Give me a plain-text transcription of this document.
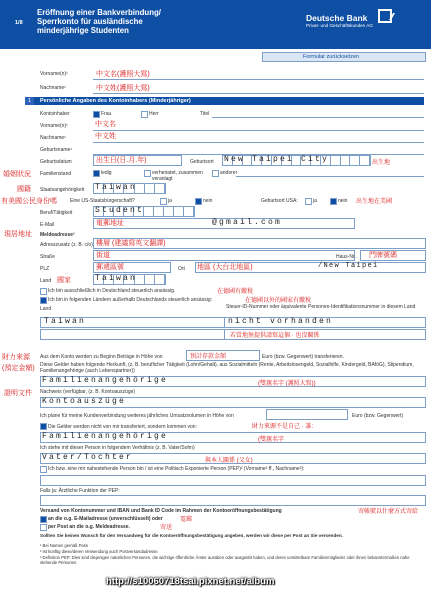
1/8
Eröffnung einer Bankverbindung/
Sperrkonto für ausländische
minderjährige Studenten
Deutsche Bank
Privat- und Geschäftskunden AG
Formular zurücksetzen
Vorname(n)¹	中文名(護照大寫)
Nachname¹	中文姓(護照大寫)
1	Persönliche Angaben des Kontoinhabers (Minderjähriger)
Kontoinhaber	Frau	Herr	Titel
Vorname(n)¹	中文名
Nachname¹	中文姓
Geburtsname¹
Geburtsdatum	出生日(日.月.年)	Geburtsort New Taipei City	出生地
婚姻狀況 Familienstand	ledig	verheiratet, zusammen veranlagt
anderer
國籍 Staatsangehörigkeit Taiwan
有美國公民身份嗎	Eine US-Staatsbürgerschaft?	ja	nein	Geburtsort USA:	ja	nein 出生地在美國
Beruf/Tätigkeit	Student
E-Mail	電郵地址	@gmail.com
現居地址 Meldeadresse²
Adresszusatz (z. B. c/o) 樓層 (建議寫英文翻譯)
Straße	街道	Haus-Nr. 門牌號碼
PLZ	郵遞區號	Ort 地區 (大台北地區)	/New Taipei
Land 國家	Taiwan
Ich bin ausschließlich in Deutschland steuerlich ansässig.	在德國有繳稅
Ich bin in folgenden Ländern außerhalb Deutschlands steuerlich ansässig:	在德國以外的國家有繳稅
Land	Steuer-ID-Nummer oder äquivalente Personen-Identifikationsnummer in diesem Land
Taiwan	nicht vorhanden
若當地無提供請寫這個 · 也沒關係
財力來源
(預定金額)
Aus dem Konto werden zu Beginn Beträge in Höhe von	預計存款金額	Euro (bzw. Gegenwert) transferieren.
Diese Gelder haben folgende Herkunft, (z. B. beruflicher Tätigkeit (Lohn/Gehalt), aus Sozialmitteln (Rente, Arbeitslosengeld, Sozialhilfe, Kindergeld, BAföG), Stipendium, Familienangehörige (auch Lebenspartner))
Familienangehörige	(雙親名字 (護照大寫))
證明文件 Nachweis (verfügbar, (z. B. Kontoauszüge)
Kontoauszüge
Ich plane für meine Kundenverbindung weiteres jährliches Umsatzvolumen in Höhe von	Euro (bzw. Gegenwert)
Die Gelder werden nicht von mir transferiert, sondern kommen von:	財力來源不是自己 · 誰:
Familienangehörige	(雙親名字
Ich stehe mit dieser Person in folgendem Verhältnis (z. B. Vater/Sohn)
Vater/Tochter	與本人關係 (父女)
Ich bzw. eine mir nahestehende Person bin / ist eine Politisch Exponierte Person (PEP)² (Vorname² ff., Nachname²):
Falls ja: Ärztliche Funktion der PEP:
Versand von Kontonummer und IBAN und Bank ID Code im Rahmen der Kontoeröffnungsbestätigung	寄帳號以什麼方式寄給
an die o.g. E-Mailadresse (unverschlüsselt) oder	電郵
per Post an die o.g. Meldeadresse.	寄送
Sollten Sie keinen Wunsch für den Versandweg für die Kontoeröffnungsbestätigung angeben, werden wir diese per Post an Sie versenden.
¹ Bei Namen gemäß Pass
² Ist künftig diese/deren Verwendung auch Postversandadresse.
³ Definition PEP: Dies sind diejenigen natürlichen Personen, die wichtige öffentliche Ämter ausüben oder ausgeübt haben, und deren unmittelbare Familienmitglieder oder ihnen bekanntermaßen nahe stehende Personen.
http://s10060718tsai.pixnet.net/album
